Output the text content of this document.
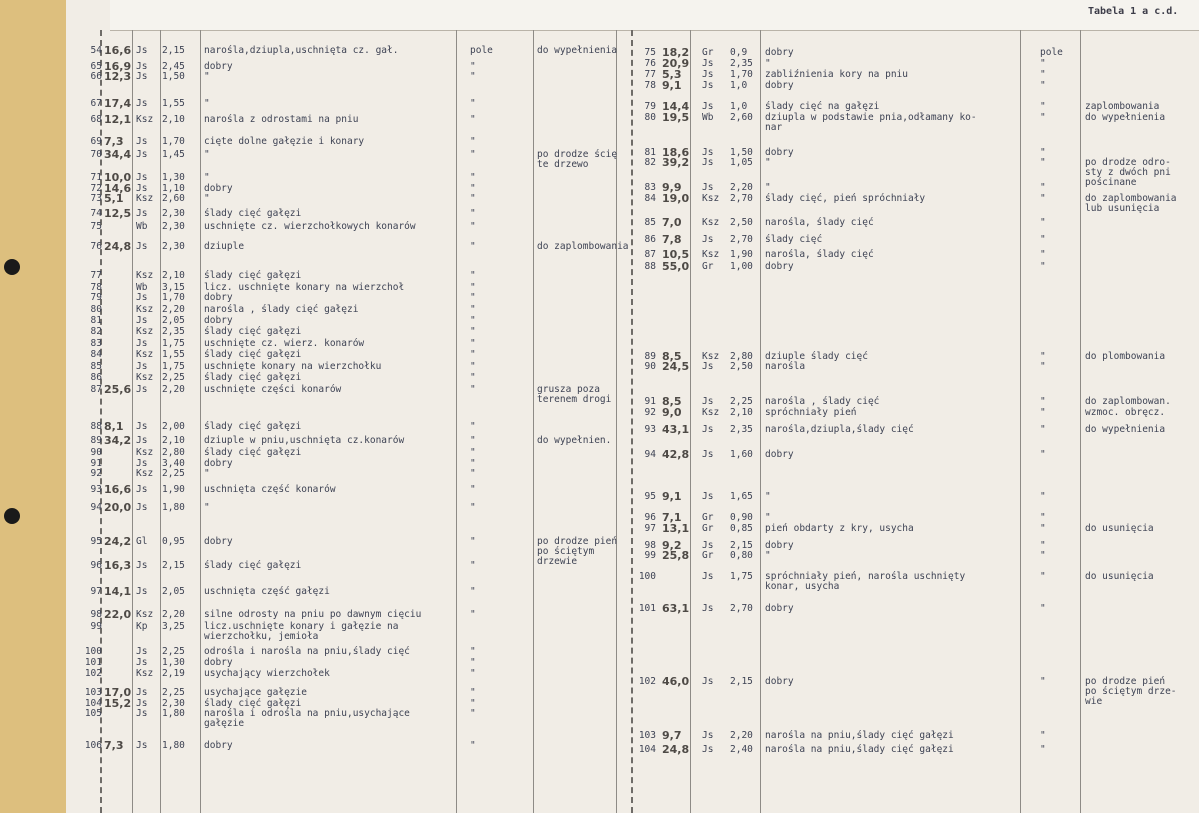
Tabela 1 a c.d.
54 16,6 Js 2,15 narośla,dziupla,uschnięta cz. gał.	pole	do wypełnienia
65 16,9 Js 2,45 dobry	"
66 12,3 Js 1,50 "	"
67 17,4 Js 1,55 "	"
68 12,1 Ksz 2,10 narośla z odrostami na pniu	"
69 7,3 Js 1,70 cięte dolne gałęzie i konary	"
70 34,4 Js 1,45 "	"	po drodze ścię
te drzewo
71 10,0 Js 1,30 "	"
72 14,6 Js 1,10 dobry	"
73 5,1 Ksz 2,60 "	"
74 12,5 Js 2,30 ślady cięć gałęzi	"
75	Wb 2,30 uschnięte cz. wierzchołkowych konarów	"
76 24,8 Js 2,30 dziuple	"	do zaplombowania
77	Ksz 2,10 ślady cięć gałęzi	"
78	Wb 3,15 licz. uschnięte konary na wierzchoł	"
79	Js 1,70 dobry	"
80	Ksz 2,20 narośla , ślady cięć gałęzi	"
81	Js 2,05 dobry	"
82	Ksz 2,35 ślady cięć gałęzi	"
83	Js 1,75 uschnięte cz. wierz. konarów	"
84	Ksz 1,55 ślady cięć gałęzi	"
85	Js 1,75 uschnięte konary na wierzchołku	"
86	Ksz 2,25 ślady cięć gałęzi	"
87 25,6 Js 2,20 uschnięte części konarów	"	grusza poza
terenem drogi
88 8,1 Js 2,00 ślady cięć gałęzi	"
89 34,2 Js 2,10 dziuple w pniu,uschnięta cz.konarów	"	do wypełnien.
90	Ksz 2,80 ślady cięć gałęzi	"
91	Js 3,40 dobry	"
92	Ksz 2,25 "	"
93 16,6 Js 1,90 uschnięta część konarów	"
94 20,0 Js 1,80 "	"
95 24,2 Gl 0,95 dobry	"	po drodze pień
po ściętym
drzewie
96 16,3 Js 2,15 ślady cięć gałęzi	"
97 14,1 Js 2,05 uschnięta część gałęzi	"
98 22,0 Ksz 2,20 silne odrosty na pniu po dawnym cięciu	"
99	Kp 3,25 licz.uschnięte konary i gałęzie na
wierzchołku, jemioła
100	Js 2,25 odrośla i narośla na pniu,ślady cięć	"
101	Js 1,30 dobry	"
102	Ksz 2,19 usychający wierzchołek	"
103 17,0 Js 2,25 usychające gałęzie	"
104 15,2 Js 2,30 ślady cięć gałęzi	"
105	Js 1,80 narośla i odrośla na pniu,usychające
gałęzie
"
106 7,3 Js 1,80 dobry	"
75 18,2 Gr 0,9 dobry	pole
76 20,9 Js 2,35 "	"
77 5,3 Js 1,70 zabliźnienia kory na pniu	"
78 9,1 Js 1,0 dobry	"
79 14,4 Js 1,0 ślady cięć na gałęzi	"	zaplombowania
80 19,5 Wb 2,60 dziupla w podstawie pnia,odłamany ko-
nar
"	do wypełnienia
81 18,6 Js 1,50 dobry	"
82 39,2 Js 1,05 "	"	po drodze odro-
sty z dwóch pni
pościnane
83 9,9 Js 2,20 "	"
84 19,0 Ksz 2,70 ślady cięć, pień spróchniały	"	do zaplombowania
lub usunięcia
85 7,0 Ksz 2,50 narośla, ślady cięć	"
86 7,8 Js 2,70 ślady cięć	"
87 10,5 Ksz 1,90 narośla, ślady cięć	"
88 55,0 Gr 1,00 dobry	"
89 8,5 Ksz 2,80 dziuple ślady cięć	"	do plombowania
90 24,5 Js 2,50 narośla	"
91 8,5 Js 2,25 narośla , ślady cięć	"	do zaplombowan.
92 9,0 Ksz 2,10 spróchniały pień	"	wzmoc. obręcz.
93 43,1 Js 2,35 narośla,dziupla,ślady cięć	"	do wypełnienia
94 42,8 Js 1,60 dobry	"
95 9,1 Js 1,65 "	"
96 7,1 Gr 0,90 "	"
97 13,1 Gr 0,85 pień obdarty z kry, usycha	"	do usunięcia
98 9,2 Js 2,15 dobry	"
99 25,8 Gr 0,80 "	"
100	Js 1,75 spróchniały pień, narośla uschnięty
konar, usycha
"	do usunięcia
101 63,1 Js 2,70 dobry	"
102 46,0 Js 2,15 dobry	"	po drodze pień
po ściętym drze-
wie
103 9,7 Js 2,20 narośla na pniu,ślady cięć gałęzi	"
104 24,8 Js 2,40 narośla na pniu,ślady cięć gałęzi	"
